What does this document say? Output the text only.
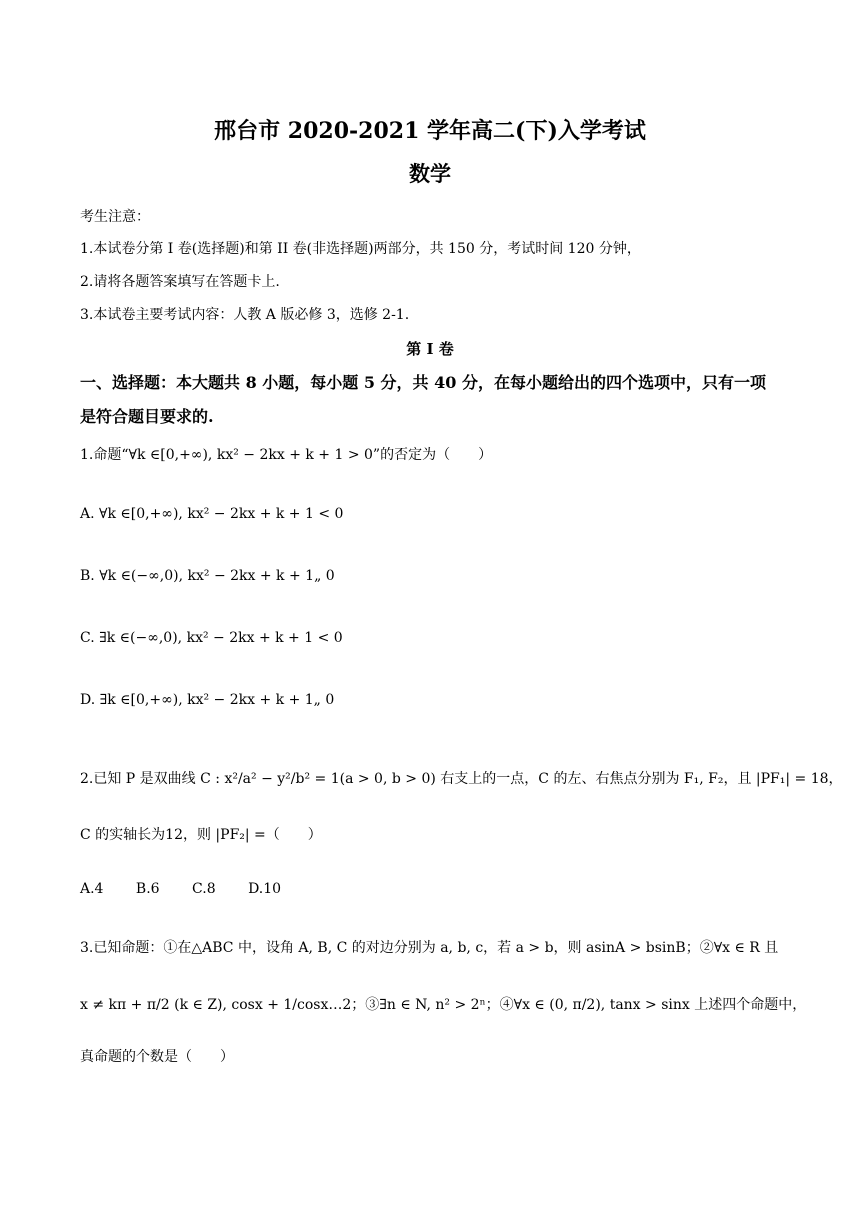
邢台市 2020-2021 学年高二(下)入学考试
数学
考生注意：
1.本试卷分第 I 卷(选择题)和第 II 卷(非选择题)两部分，共 150 分，考试时间 120 分钟，
2.请将各题答案填写在答题卡上.
3.本试卷主要考试内容：人教 A 版必修 3，选修 2-1.
第 I 卷
一、选择题：本大题共 8 小题，每小题 5 分，共 40 分，在每小题给出的四个选项中，只有一项
是符合题目要求的.
1.命题“∀k ∈[0,+∞), kx² − 2kx + k + 1 > 0”的否定为（　　）
A. ∀k ∈[0,+∞), kx² − 2kx + k + 1 < 0
B. ∀k ∈(−∞,0), kx² − 2kx + k + 1„ 0
C. ∃k ∈(−∞,0), kx² − 2kx + k + 1 < 0
D. ∃k ∈[0,+∞), kx² − 2kx + k + 1„ 0
2.已知 P 是双曲线 C : x²/a² − y²/b² = 1(a > 0, b > 0) 右支上的一点，C 的左、右焦点分别为 F₁, F₂，且 |PF₁| = 18，
C 的实轴长为12，则 |PF₂| =（　　）
A.4 B.6 C.8 D.10
3.已知命题：①在△ABC 中，设角 A, B, C 的对边分别为 a, b, c，若 a > b，则 asinA > bsinB；②∀x ∈ R 且
x ≠ kπ + π/2 (k ∈ Z), cosx + 1/cosx…2；③∃n ∈ N, n² > 2ⁿ；④∀x ∈ (0, π/2), tanx > sinx 上述四个命题中，
真命题的个数是（　　）
